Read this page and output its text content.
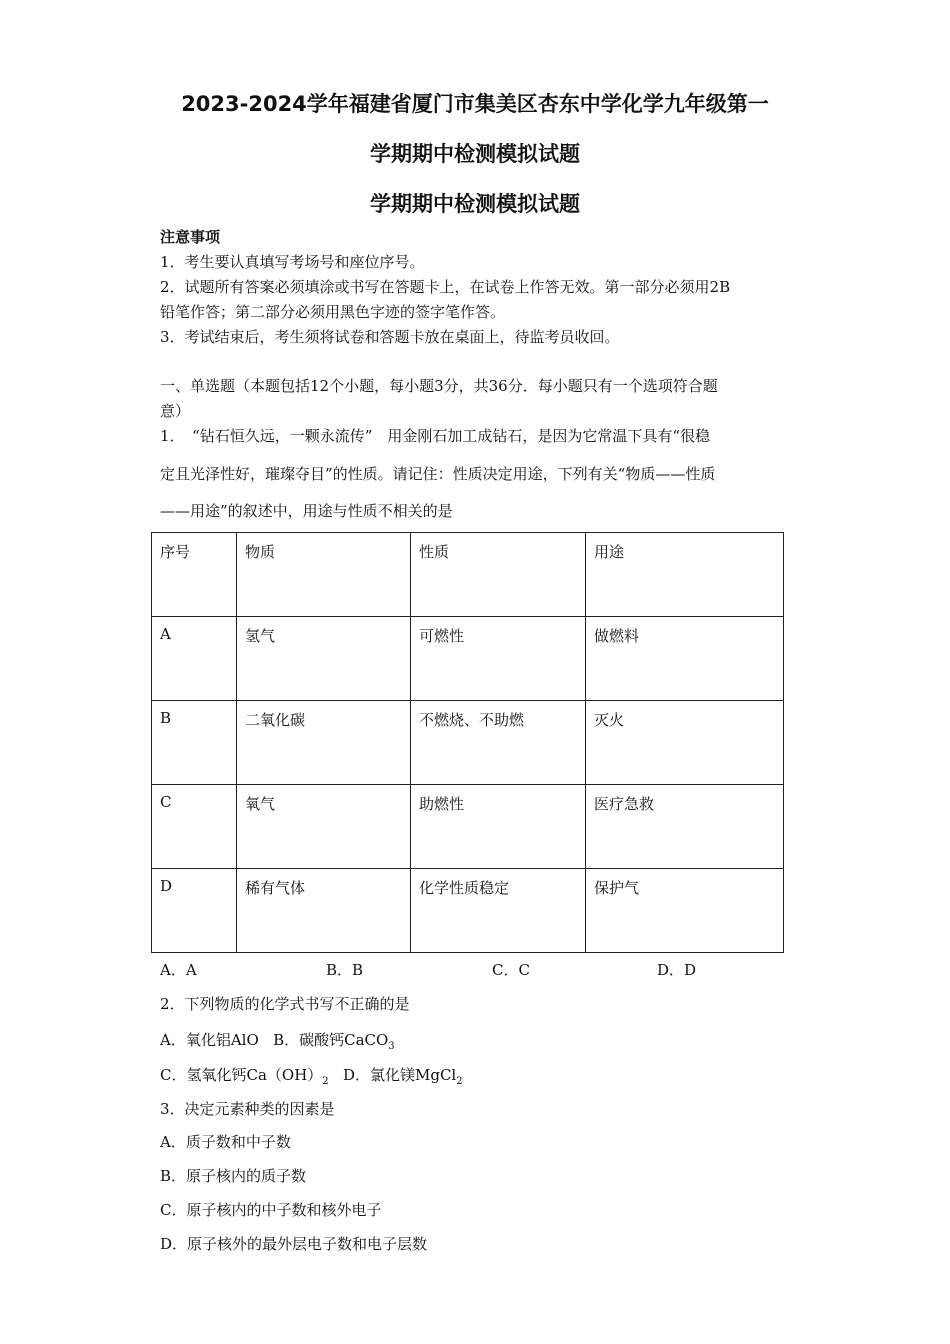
2023-2024学年福建省厦门市集美区杏东中学化学九年级第一
学期期中检测模拟试题
学期期中检测模拟试题
注意事项
1．考生要认真填写考场号和座位序号。
2．试题所有答案必须填涂或书写在答题卡上，在试卷上作答无效。第一部分必须用2B
铅笔作答；第二部分必须用黑色字迹的签字笔作答。
3．考试结束后，考生须将试卷和答题卡放在桌面上，待监考员收回。
一、单选题（本题包括12个小题，每小题3分，共36分．每小题只有一个选项符合题
意）
1．　“钻石恒久远，一颗永流传”　用金刚石加工成钻石，是因为它常温下具有“很稳
定且光泽性好，璀璨夺目”的性质。请记住：性质决定用途，下列有关“物质——性质
——用途”的叙述中，用途与性质不相关的是
序号	物质	性质	用途
A	氢气	可燃性	做燃料
B	二氧化碳	不燃烧、不助燃	灭火
C	氧气	助燃性	医疗急救
D	稀有气体	化学性质稳定	保护气
A．A	B．B	C．C	D．D
2．下列物质的化学式书写不正确的是
A．氧化铝AlO B．碳酸钙CaCO$_3$
C．氢氧化钙$Ca(OH)_2$ D．氯化镁MgCl$_2$
3．决定元素种类的因素是
A．质子数和中子数
B．原子核内的质子数
C．原子核内的中子数和核外电子
D．原子核外的最外层电子数和电子层数
